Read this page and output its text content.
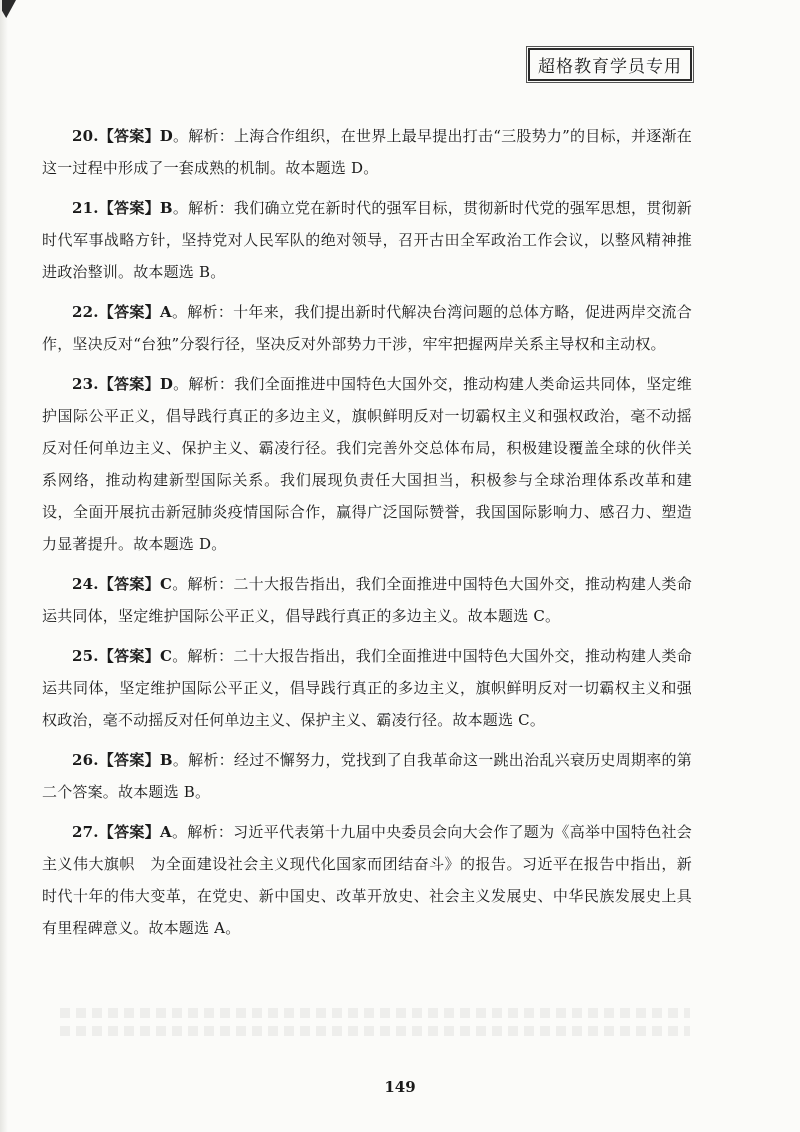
超格教育学员专用

20.【答案】D。解析：上海合作组织，在世界上最早提出打击“三股势力”的目标，并逐渐在这一过程中形成了一套成熟的机制。故本题选 D。

21.【答案】B。解析：我们确立党在新时代的强军目标，贯彻新时代党的强军思想，贯彻新时代军事战略方针，坚持党对人民军队的绝对领导，召开古田全军政治工作会议，以整风精神推进政治整训。故本题选 B。

22.【答案】A。解析：十年来，我们提出新时代解决台湾问题的总体方略，促进两岸交流合作，坚决反对“台独”分裂行径，坚决反对外部势力干涉，牢牢把握两岸关系主导权和主动权。

23.【答案】D。解析：我们全面推进中国特色大国外交，推动构建人类命运共同体，坚定维护国际公平正义，倡导践行真正的多边主义，旗帜鲜明反对一切霸权主义和强权政治，毫不动摇反对任何单边主义、保护主义、霸凌行径。我们完善外交总体布局，积极建设覆盖全球的伙伴关系网络，推动构建新型国际关系。我们展现负责任大国担当，积极参与全球治理体系改革和建设，全面开展抗击新冠肺炎疫情国际合作，赢得广泛国际赞誉，我国国际影响力、感召力、塑造力显著提升。故本题选 D。

24.【答案】C。解析：二十大报告指出，我们全面推进中国特色大国外交，推动构建人类命运共同体，坚定维护国际公平正义，倡导践行真正的多边主义。故本题选 C。

25.【答案】C。解析：二十大报告指出，我们全面推进中国特色大国外交，推动构建人类命运共同体，坚定维护国际公平正义，倡导践行真正的多边主义，旗帜鲜明反对一切霸权主义和强权政治，毫不动摇反对任何单边主义、保护主义、霸凌行径。故本题选 C。

26.【答案】B。解析：经过不懈努力，党找到了自我革命这一跳出治乱兴衰历史周期率的第二个答案。故本题选 B。

27.【答案】A。解析：习近平代表第十九届中央委员会向大会作了题为《高举中国特色社会主义伟大旗帜　为全面建设社会主义现代化国家而团结奋斗》的报告。习近平在报告中指出，新时代十年的伟大变革，在党史、新中国史、改革开放史、社会主义发展史、中华民族发展史上具有里程碑意义。故本题选 A。

149
